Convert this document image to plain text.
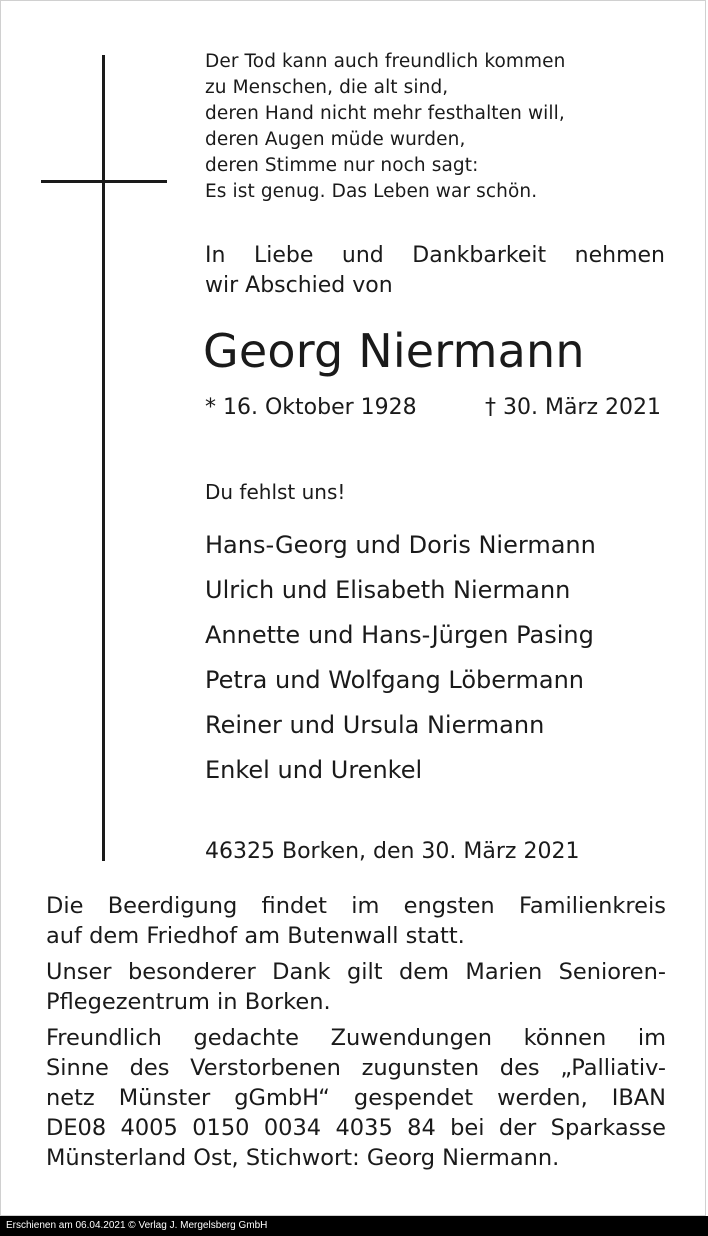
Der Tod kann auch freundlich kommen
zu Menschen, die alt sind,
deren Hand nicht mehr festhalten will,
deren Augen müde wurden,
deren Stimme nur noch sagt:
Es ist genug. Das Leben war schön.
In Liebe und Dankbarkeit nehmen
wir Abschied von
Georg Niermann
* 16. Oktober 1928	† 30. März 2021
Du fehlst uns!
Hans-Georg und Doris Niermann
Ulrich und Elisabeth Niermann
Annette und Hans-Jürgen Pasing
Petra und Wolfgang Löbermann
Reiner und Ursula Niermann
Enkel und Urenkel
46325 Borken, den 30. März 2021
Die Beerdigung findet im engsten Familienkreis
auf dem Friedhof am Butenwall statt.
Unser besonderer Dank gilt dem Marien Senioren-
Pflegezentrum in Borken.
Freundlich gedachte Zuwendungen können im
Sinne des Verstorbenen zugunsten des „Palliativ-
netz Münster gGmbH“ gespendet werden, IBAN
DE08 4005 0150 0034 4035 84 bei der Sparkasse
Münsterland Ost, Stichwort: Georg Niermann.
Erschienen am 06.04.2021 © Verlag J. Mergelsberg GmbH
